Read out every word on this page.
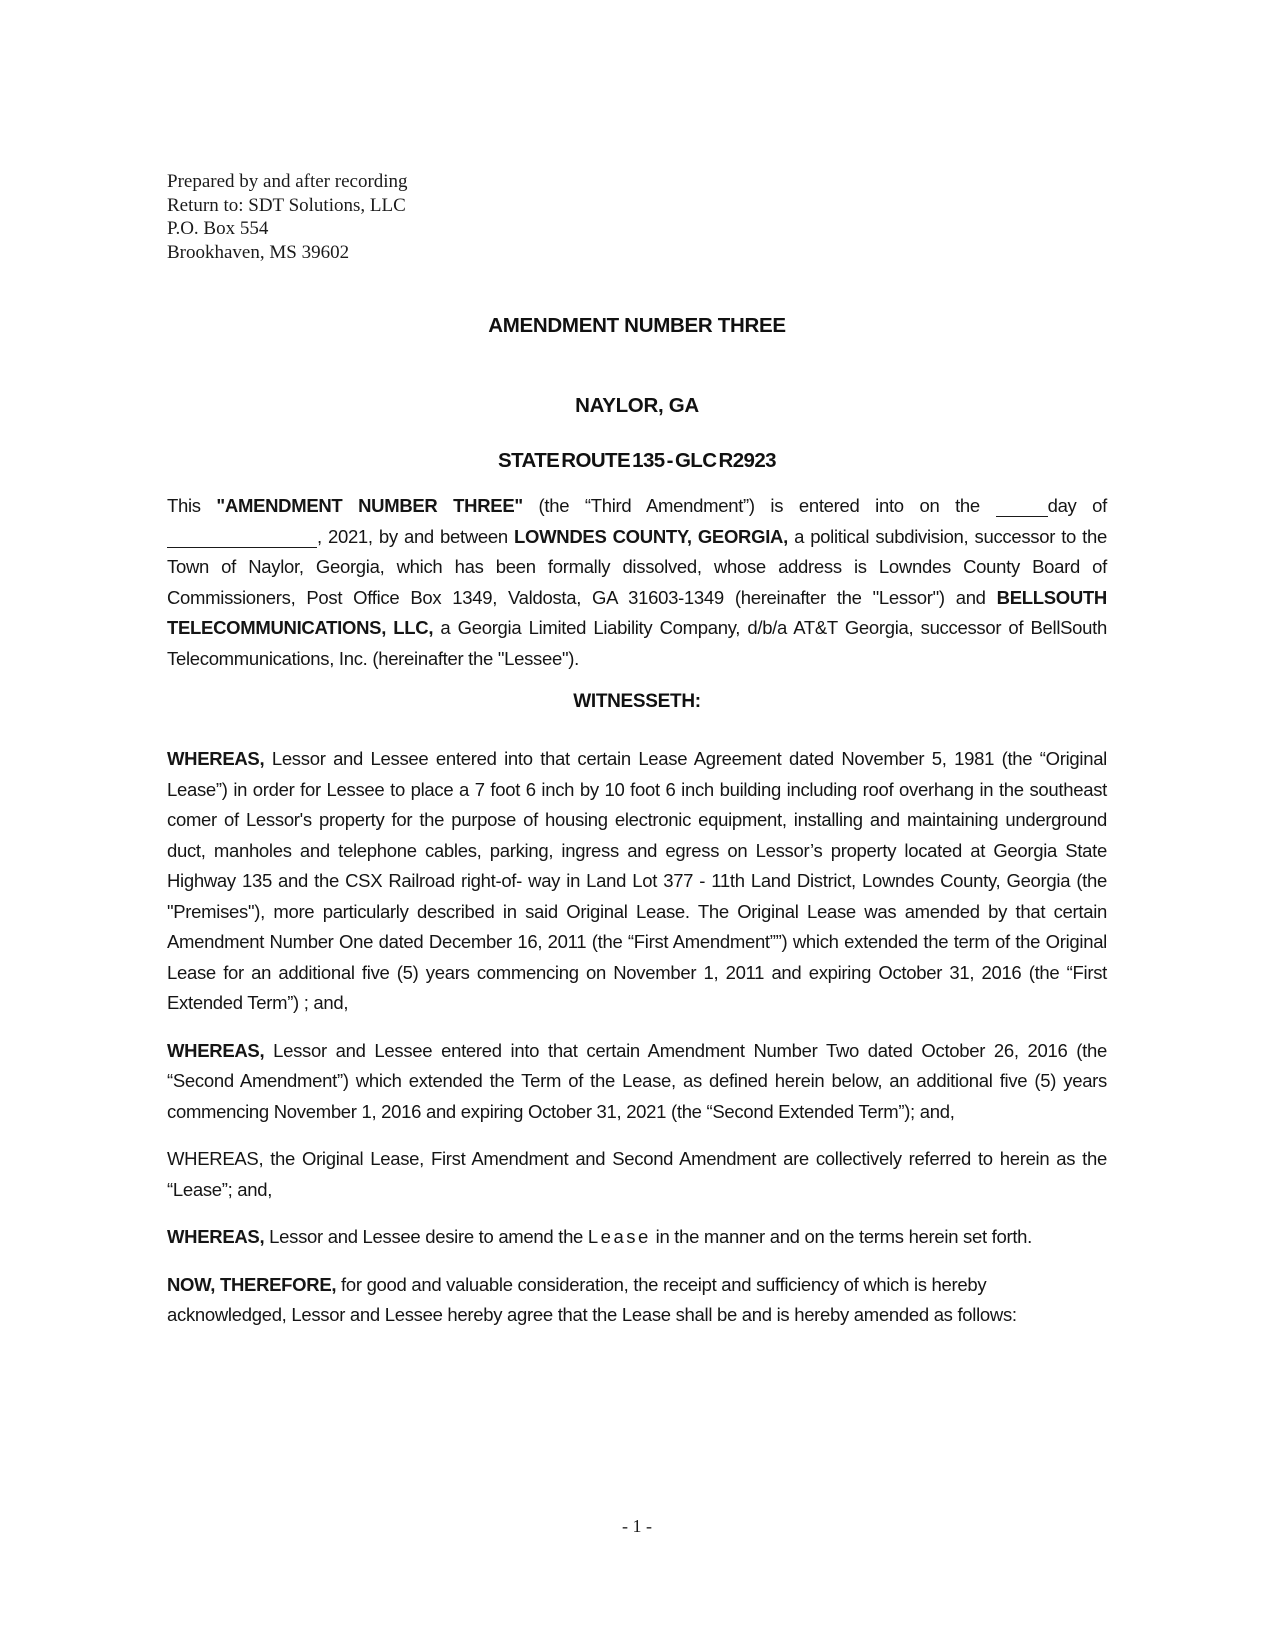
Prepared by and after recording
Return to: SDT Solutions, LLC
P.O. Box 554
Brookhaven, MS 39602
AMENDMENT NUMBER THREE
NAYLOR, GA
STATE ROUTE 135 - GLC R2923

This "AMENDMENT NUMBER THREE" (the “Third Amendment”) is entered into on the	day of , 2021, by and between LOWNDES COUNTY, GEORGIA, a political subdivision, successor to the Town of Naylor, Georgia, which has been formally dissolved, whose address is Lowndes County Board of Commissioners, Post Office Box 1349, Valdosta, GA 31603-1349 (hereinafter the "Lessor") and BELLSOUTH TELECOMMUNICATIONS, LLC, a Georgia Limited Liability Company, d/b/a AT&T Georgia, successor of BellSouth Telecommunications, Inc. (hereinafter the "Lessee").

WITNESSETH:

WHEREAS, Lessor and Lessee entered into that certain Lease Agreement dated November 5, 1981 (the “Original Lease”) in order for Lessee to place a 7 foot 6 inch by 10 foot 6 inch building including roof overhang in the southeast comer of Lessor's property for the purpose of housing electronic equipment, installing and maintaining underground duct, manholes and telephone cables, parking, ingress and egress on Lessor’s property located at Georgia State Highway 135 and the CSX Railroad right-of- way in Land Lot 377 - 11th Land District, Lowndes County, Georgia (the "Premises"), more particularly described in said Original Lease. The Original Lease was amended by that certain Amendment Number One dated December 16, 2011 (the “First Amendment””) which extended the term of the Original Lease for an additional five (5) years commencing on November 1, 2011 and expiring October 31, 2016 (the “First Extended Term”) ; and,

WHEREAS, Lessor and Lessee entered into that certain Amendment Number Two dated October 26, 2016 (the “Second Amendment”) which extended the Term of the Lease, as defined herein below, an additional five (5) years commencing November 1, 2016 and expiring October 31, 2021 (the “Second Extended Term”); and,

WHEREAS, the Original Lease, First Amendment and Second Amendment are collectively referred to herein as the “Lease”; and,

WHEREAS, Lessor and Lessee desire to amend the Lease in the manner and on the terms herein set forth.

NOW, THEREFORE, for good and valuable consideration, the receipt and sufficiency of which is hereby acknowledged, Lessor and Lessee hereby agree that the Lease shall be and is hereby amended as follows:

- 1 -
